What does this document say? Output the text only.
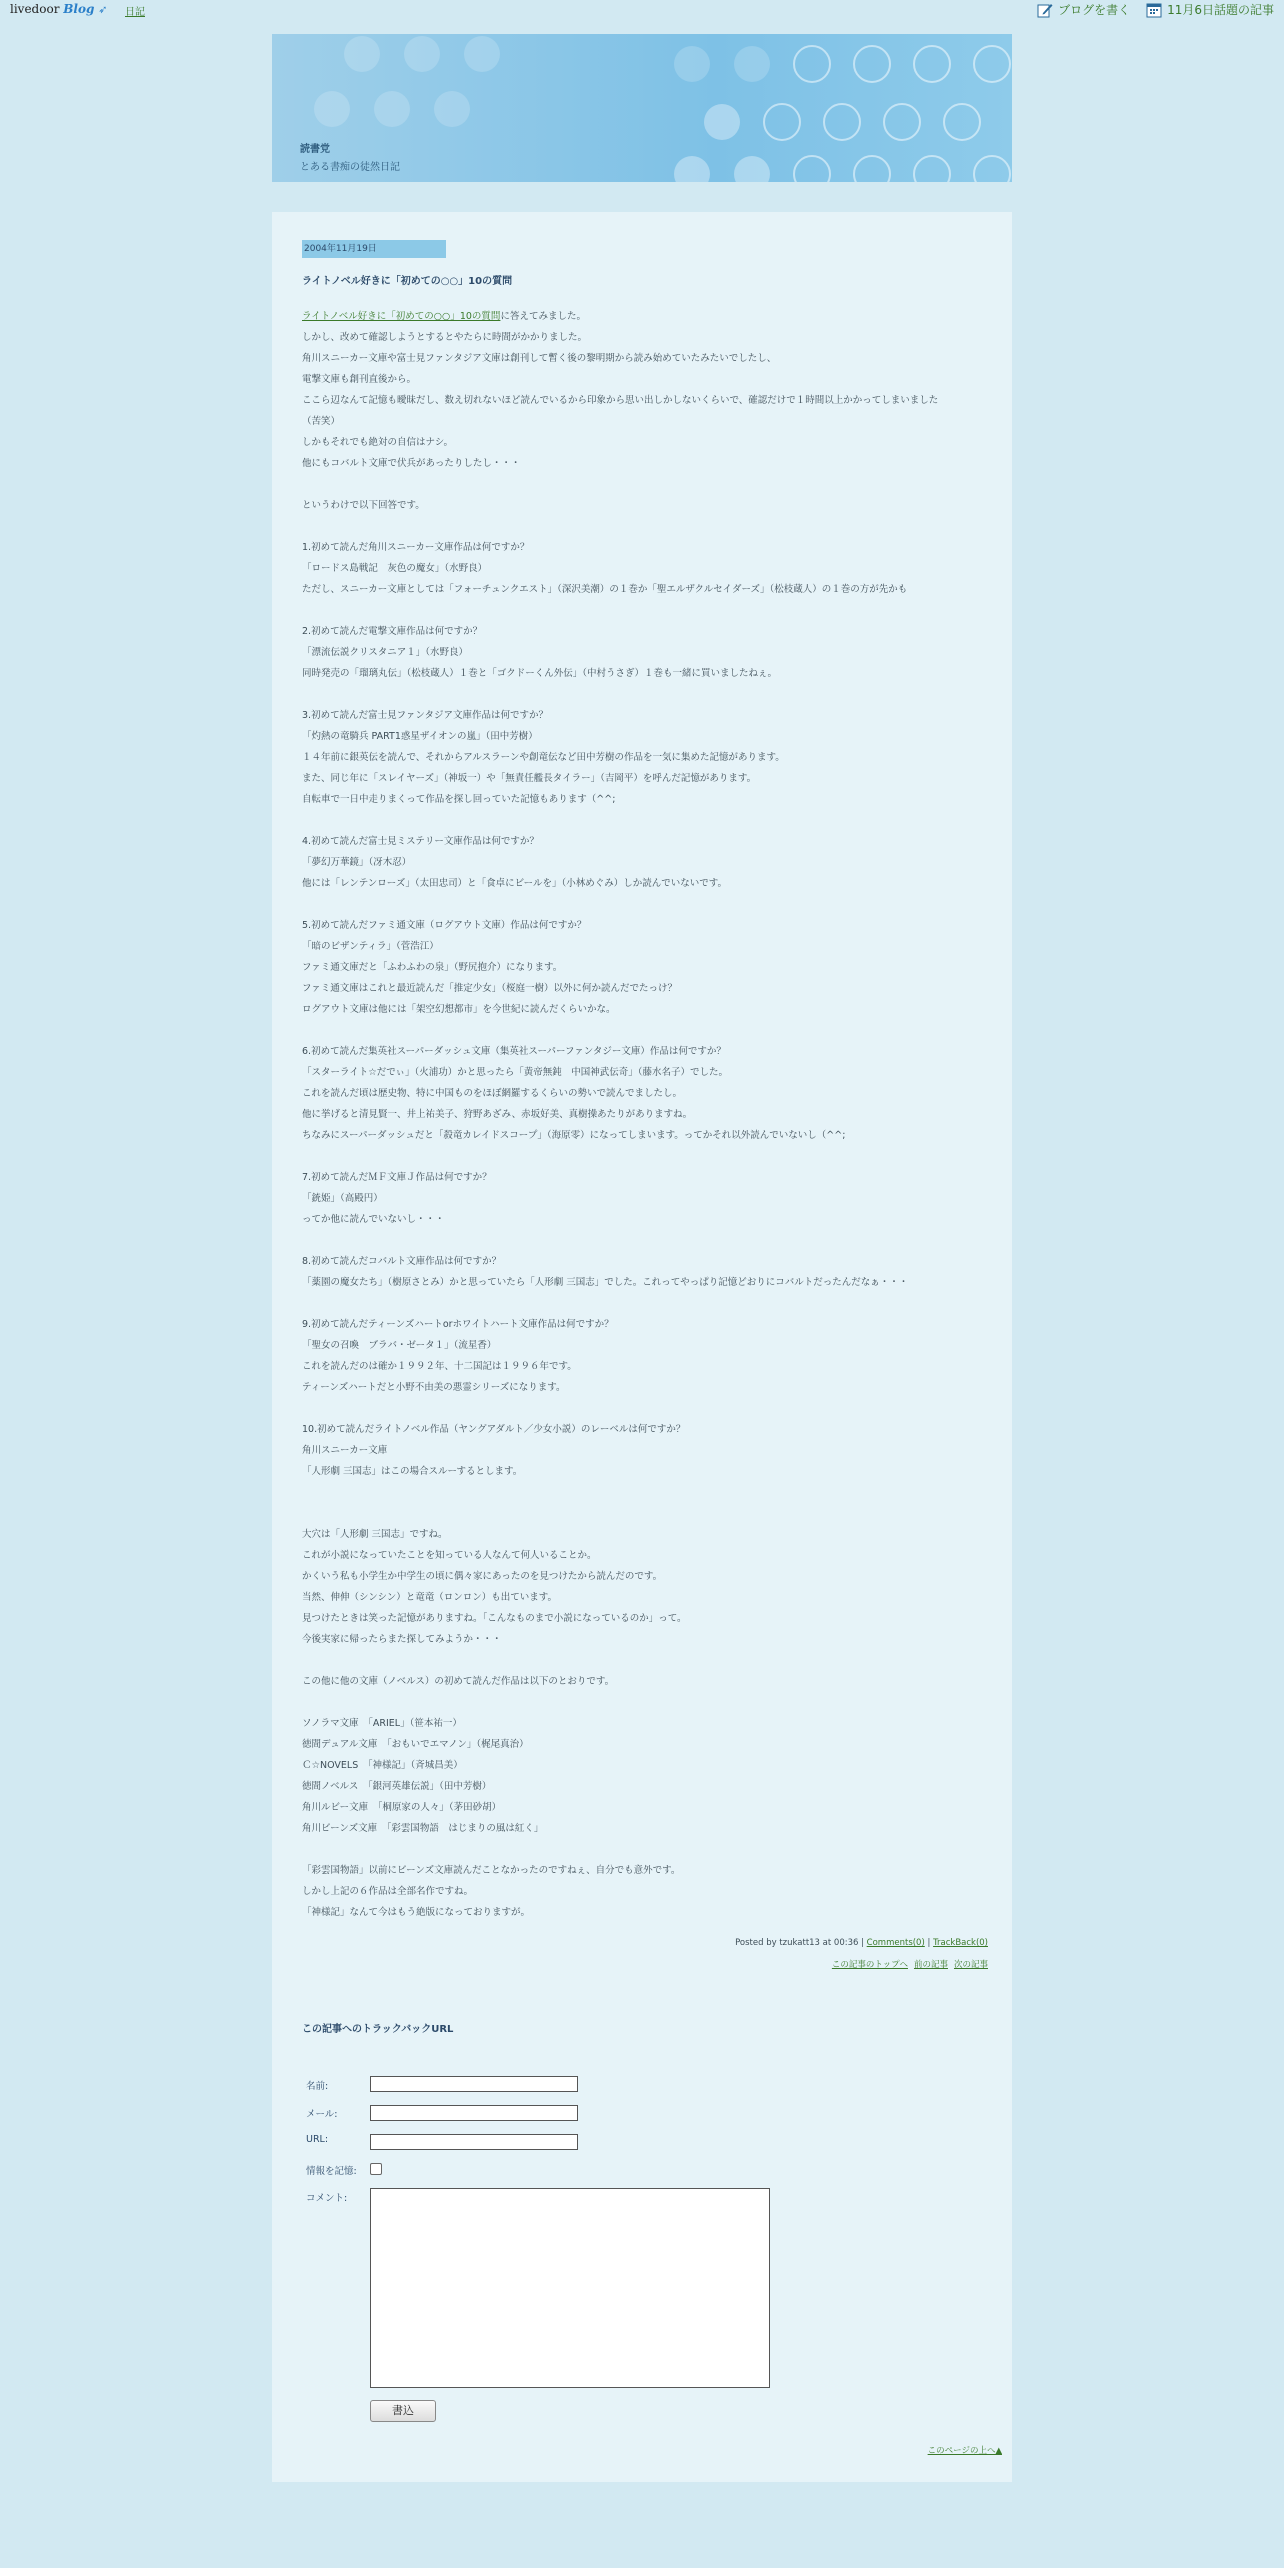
livedoor Blog ➶ 日記	ブログを書く	11月6日話題の記事
読書党
とある書痴の徒然日記
2004年11月19日
ライトノベル好きに「初めての○○」10の質問
ライトノベル好きに「初めての○○」10の質問に答えてみました。
しかし、改めて確認しようとするとやたらに時間がかかりました。
角川スニーカー文庫や富士見ファンタジア文庫は創刊して暫く後の黎明期から読み始めていたみたいでしたし、
電撃文庫も創刊直後から。
ここら辺なんて記憶も曖昧だし、数え切れないほど読んでいるから印象から思い出しかしないくらいで、確認だけで１時間以上かかってしまいました
（苦笑）
しかもそれでも絶対の自信はナシ。
他にもコバルト文庫で伏兵があったりしたし・・・

というわけで以下回答です。

1.初めて読んだ角川スニーカー文庫作品は何ですか？
「ロードス島戦記　灰色の魔女」（水野良）
ただし、スニーカー文庫としては「フォーチュンクエスト」（深沢美潮）の１巻か「聖エルザクルセイダーズ」（松枝蔵人）の１巻の方が先かも

2.初めて読んだ電撃文庫作品は何ですか？
「漂流伝説クリスタニア１」（水野良）
同時発売の「瑠璃丸伝」（松枝蔵人）１巻と「ゴクドーくん外伝」（中村うさぎ）１巻も一緒に買いましたねぇ。

3.初めて読んだ富士見ファンタジア文庫作品は何ですか？
「灼熱の竜騎兵 PART1惑星ザイオンの嵐」（田中芳樹）
１４年前に銀英伝を読んで、それからアルスラーンや創竜伝など田中芳樹の作品を一気に集めた記憶があります。
また、同じ年に「スレイヤーズ」（神坂一）や「無責任艦長タイラー」（吉岡平）を呼んだ記憶があります。
自転車で一日中走りまくって作品を探し回っていた記憶もあります（^^;

4.初めて読んだ富士見ミステリー文庫作品は何ですか？
「夢幻万華鏡」（冴木忍）
他には「レンテンローズ」（太田忠司）と「食卓にビールを」（小林めぐみ）しか読んでいないです。

5.初めて読んだファミ通文庫（ログアウト文庫）作品は何ですか？
「暗のビザンティラ」（菅浩江）
ファミ通文庫だと「ふわふわの泉」（野尻抱介）になります。
ファミ通文庫はこれと最近読んだ「推定少女」（桜庭一樹）以外に何か読んだでたっけ？
ログアウト文庫は他には「架空幻想都市」を今世紀に読んだくらいかな。

6.初めて読んだ集英社スーパーダッシュ文庫（集英社スーパーファンタジー文庫）作品は何ですか？
「スターライト☆だでぃ」（火浦功）かと思ったら「黄帝無鈍　中国神武伝奇」（藤水名子）でした。
これを読んだ頃は歴史物、特に中国ものをほぼ網羅するくらいの勢いで読んでましたし。
他に挙げると清見賢一、井上祐美子、狩野あざみ、赤坂好美、真樹操あたりがありますね。
ちなみにスーパーダッシュだと「殺竜カレイドスコープ」（海原零）になってしまいます。ってかそれ以外読んでいないし（^^;

7.初めて読んだＭＦ文庫Ｊ作品は何ですか？
「銃姫」（高殿円）
ってか他に読んでいないし・・・

8.初めて読んだコバルト文庫作品は何ですか？
「薬園の魔女たち」（樹原さとみ）かと思っていたら「人形劇 三国志」でした。これってやっぱり記憶どおりにコバルトだったんだなぁ・・・

9.初めて読んだティーンズハートorホワイトハート文庫作品は何ですか？
「聖女の召喚　ブラバ・ゼータ１」（流星香）
これを読んだのは確か１９９２年、十二国記は１９９６年です。
ティーンズハートだと小野不由美の悪霊シリーズになります。

10.初めて読んだライトノベル作品（ヤングアダルト／少女小説）のレーベルは何ですか？
角川スニーカー文庫
「人形劇 三国志」はこの場合スルーするとします。

大穴は「人形劇 三国志」ですね。
これが小説になっていたことを知っている人なんて何人いることか。
かくいう私も小学生か中学生の頃に偶々家にあったのを見つけたから読んだのです。
当然、伸伸（シンシン）と竜竜（ロンロン）も出ています。
見つけたときは笑った記憶がありますね。「こんなものまで小説になっているのか」って。
今後実家に帰ったらまた探してみようか・・・

この他に他の文庫（ノベルス）の初めて読んだ作品は以下のとおりです。

ソノラマ文庫　「ARIEL」（笹本祐一）
徳間デュアル文庫　「おもいでエマノン」（梶尾真治）
Ｃ☆NOVELS　「神様記」（斉城昌美）
徳間ノベルス　「銀河英雄伝説」（田中芳樹）
角川ルビー文庫　「桐原家の人々」（茅田砂胡）
角川ビーンズ文庫　「彩雲国物語　はじまりの風は紅く」

「彩雲国物語」以前にビーンズ文庫読んだことなかったのですねぇ、自分でも意外です。
しかし上記の６作品は全部名作ですね。
「神様記」なんて今はもう絶版になっておりますが。
Posted by tzukatt13 at 00:36 | Comments(0) | TrackBack(0)
この記事のトップへ 前の記事 次の記事
この記事へのトラックバックURL
名前:
メール:
URL:
情報を記憶:
コメント:
書込
このページの上へ▲
